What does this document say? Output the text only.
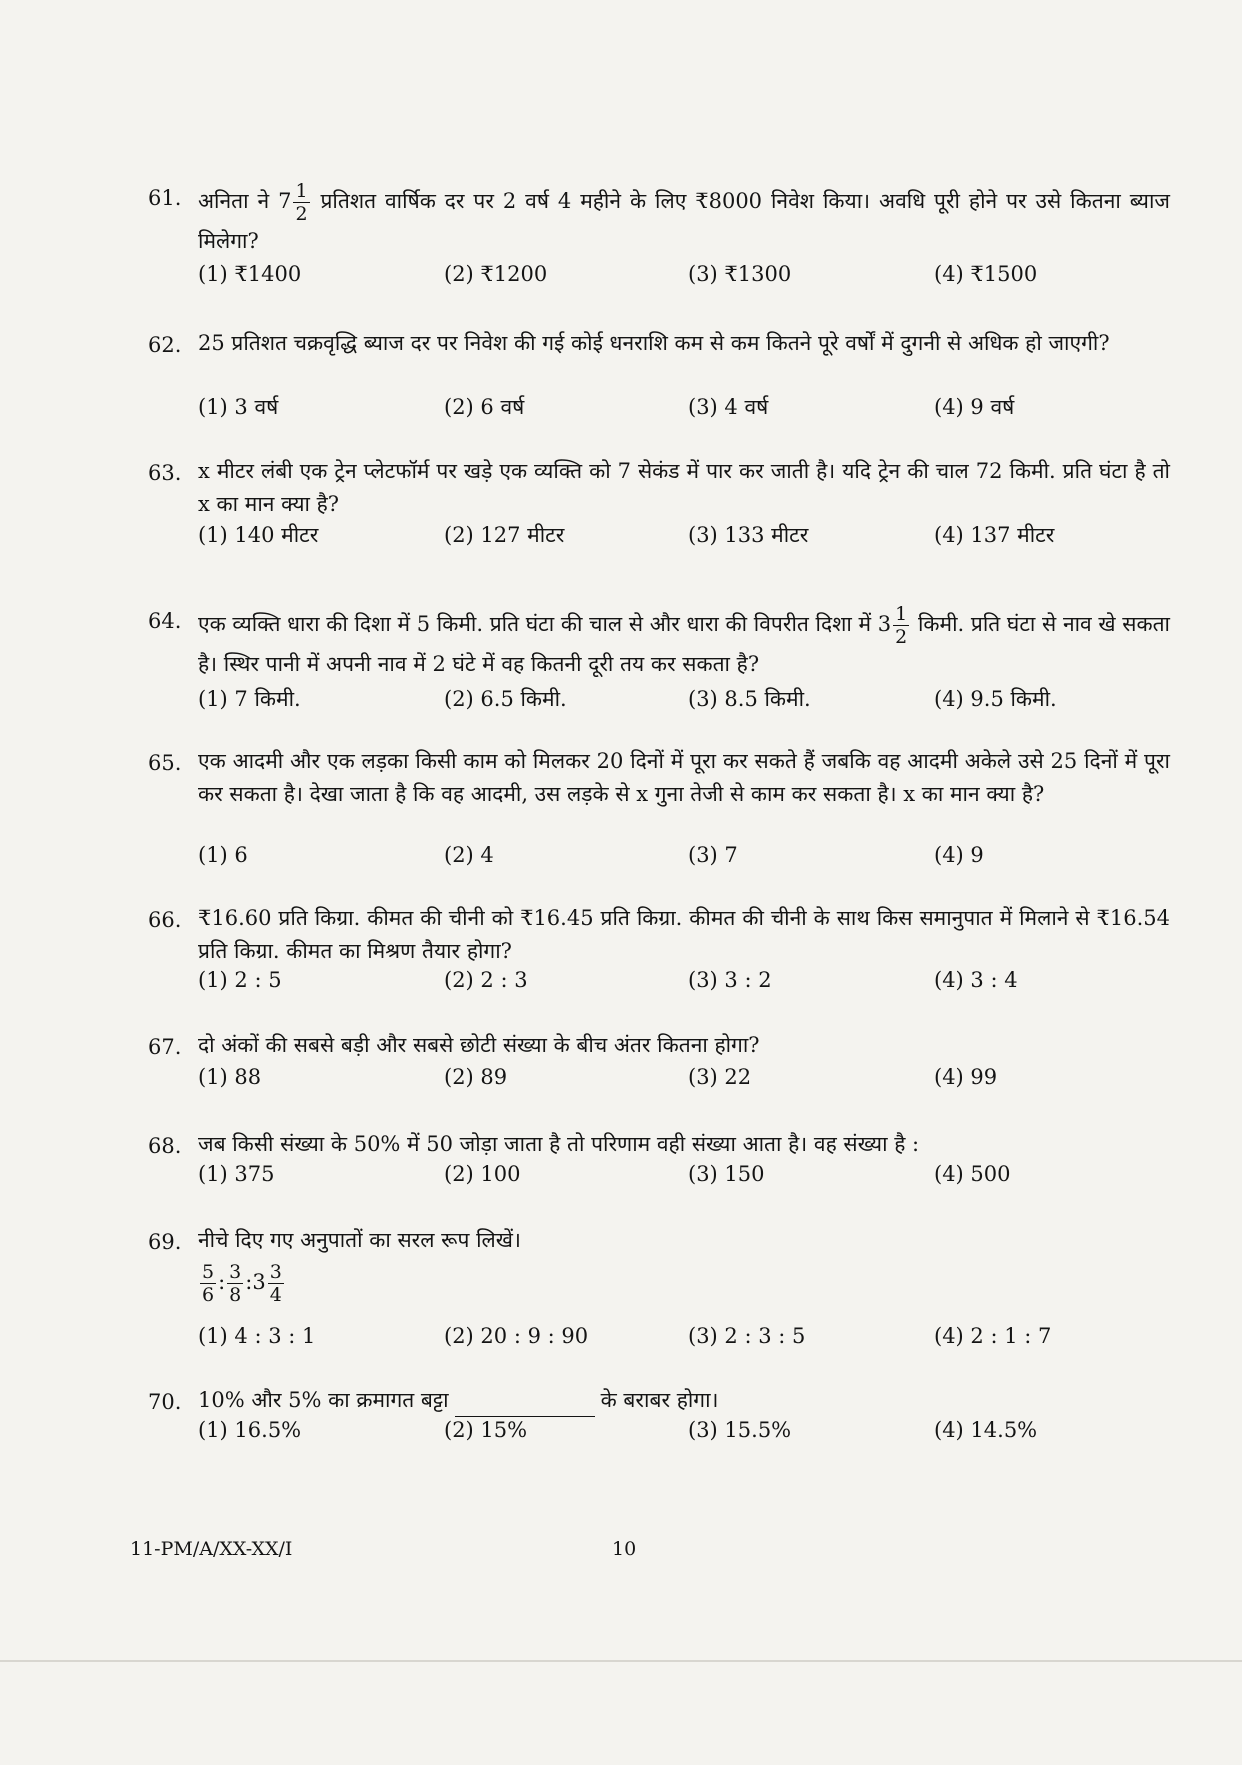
61. अनिता ने $7 \frac{1}{2}$ प्रतिशत वार्षिक दर पर 2 वर्ष 4 महीने के लिए ₹8000 निवेश किया। अवधि पूरी होने पर उसे कितना ब्याज मिलेगा?
(1) ₹1400	(2) ₹1200	(3) ₹1300	(4) ₹1500
62. 25 प्रतिशत चक्रवृद्धि ब्याज दर पर निवेश की गई कोई धनराशि कम से कम कितने पूरे वर्षों में दुगनी से अधिक हो जाएगी?
(1) 3 वर्ष	(2) 6 वर्ष	(3) 4 वर्ष	(4) 9 वर्ष
63. x मीटर लंबी एक ट्रेन प्लेटफॉर्म पर खड़े एक व्यक्ति को 7 सेकंड में पार कर जाती है। यदि ट्रेन की चाल 72 किमी. प्रति घंटा है तो x का मान क्या है?
(1) 140 मीटर	(2) 127 मीटर	(3) 133 मीटर	(4) 137 मीटर
64. एक व्यक्ति धारा की दिशा में 5 किमी. प्रति घंटा की चाल से और धारा की विपरीत दिशा में $3 \frac{1}{2}$ किमी. प्रति घंटा से नाव खे सकता है। स्थिर पानी में अपनी नाव में 2 घंटे में वह कितनी दूरी तय कर सकता है?
(1) 7 किमी.	(2) 6.5 किमी.	(3) 8.5 किमी.	(4) 9.5 किमी.
65. एक आदमी और एक लड़का किसी काम को मिलकर 20 दिनों में पूरा कर सकते हैं जबकि वह आदमी अकेले उसे 25 दिनों में पूरा कर सकता है। देखा जाता है कि वह आदमी, उस लड़के से x गुना तेजी से काम कर सकता है। x का मान क्या है?
(1) 6	(2) 4	(3) 7	(4) 9
66. ₹16.60 प्रति किग्रा. कीमत की चीनी को ₹16.45 प्रति किग्रा. कीमत की चीनी के साथ किस समानुपात में मिलाने से ₹16.54 प्रति किग्रा. कीमत का मिश्रण तैयार होगा?
(1) 2 : 5	(2) 2 : 3	(3) 3 : 2	(4) 3 : 4
67. दो अंकों की सबसे बड़ी और सबसे छोटी संख्या के बीच अंतर कितना होगा?
(1) 88	(2) 89	(3) 22	(4) 99
68. जब किसी संख्या के 50% में 50 जोड़ा जाता है तो परिणाम वही संख्या आता है। वह संख्या है :
(1) 375	(2) 100	(3) 150	(4) 500
69. नीचे दिए गए अनुपातों का सरल रूप लिखें।
$\frac{5}{6}$ : $\frac{3}{8}$ :3 $\frac{3}{4}$
(1) 4 : 3 : 1	(2) 20 : 9 : 90	(3) 2 : 3 : 5	(4) 2 : 1 : 7
70. 10% और 5% का क्रमागत बट्टा	के बराबर होगा।
(1) 16.5%	(2) 15%	(3) 15.5%	(4) 14.5%
11-PM/A/XX-XX/I	10
